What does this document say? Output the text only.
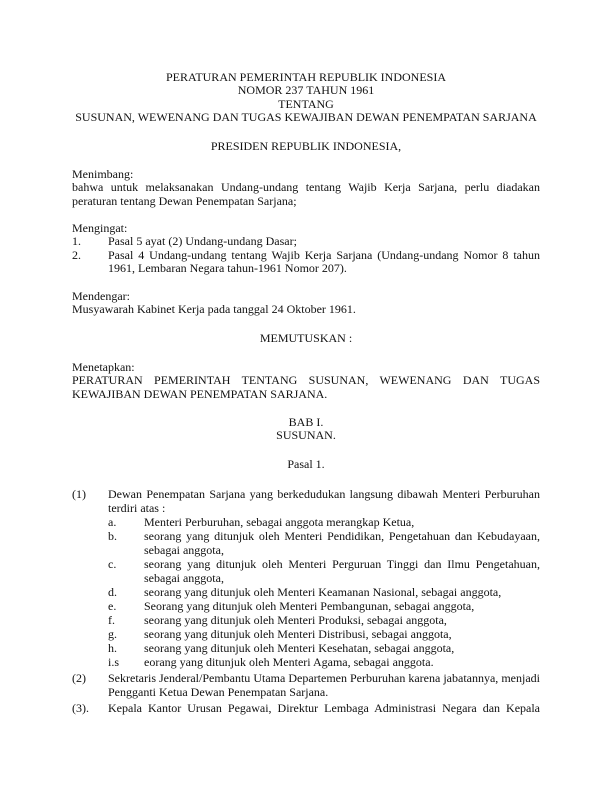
PERATURAN PEMERINTAH REPUBLIK INDONESIA
NOMOR 237 TAHUN 1961
TENTANG
SUSUNAN, WEWENANG DAN TUGAS KEWAJIBAN DEWAN PENEMPATAN SARJANA
PRESIDEN REPUBLIK INDONESIA,
Menimbang:
bahwa untuk melaksanakan Undang-undang tentang Wajib Kerja Sarjana, perlu diadakan peraturan tentang Dewan Penempatan Sarjana;
Mengingat:
1.	Pasal 5 ayat (2) Undang-undang Dasar;
2.	Pasal 4 Undang-undang tentang Wajib Kerja Sarjana (Undang-undang Nomor 8 tahun 1961, Lembaran Negara tahun-1961 Nomor 207).
Mendengar:
Musyawarah Kabinet Kerja pada tanggal 24 Oktober 1961.
MEMUTUSKAN :
Menetapkan:
PERATURAN PEMERINTAH TENTANG SUSUNAN, WEWENANG DAN TUGAS KEWAJIBAN DEWAN PENEMPATAN SARJANA.
BAB I.
SUSUNAN.
Pasal 1.
(1)	Dewan Penempatan Sarjana yang berkedudukan langsung dibawah Menteri Perburuhan terdiri atas :
a.	Menteri Perburuhan, sebagai anggota merangkap Ketua,
b.	seorang yang ditunjuk oleh Menteri Pendidikan, Pengetahuan dan Kebudayaan, sebagai anggota,
c.	seorang yang ditunjuk oleh Menteri Perguruan Tinggi dan Ilmu Pengetahuan, sebagai anggota,
d.	seorang yang ditunjuk oleh Menteri Keamanan Nasional, sebagai anggota,
e.	Seorang yang ditunjuk oleh Menteri Pembangunan, sebagai anggota,
f.	seorang yang ditunjuk oleh Menteri Produksi, sebagai anggota,
g.	seorang yang ditunjuk oleh Menteri Distribusi, sebagai anggota,
h.	seorang yang ditunjuk oleh Menteri Kesehatan, sebagai anggota,
i.s	eorang yang ditunjuk oleh Menteri Agama, sebagai anggota.
(2)	Sekretaris Jenderal/Pembantu Utama Departemen Perburuhan karena jabatannya, menjadi Pengganti Ketua Dewan Penempatan Sarjana.
(3).	Kepala Kantor Urusan Pegawai, Direktur Lembaga Administrasi Negara dan Kepala
